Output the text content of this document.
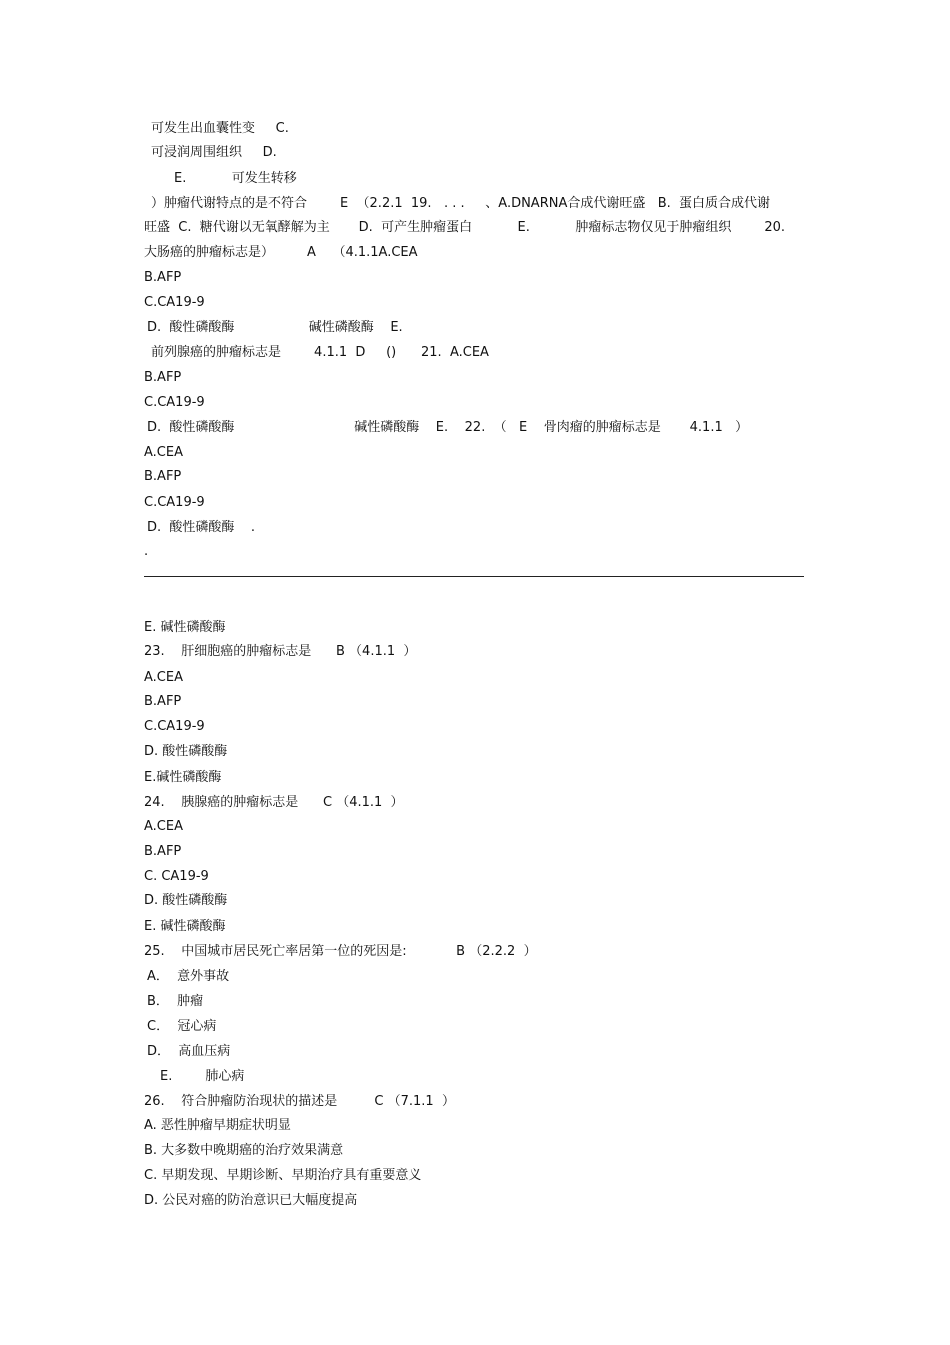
可发生出血囊性变     C.
可浸润周围组织     D.
E.           可发生转移
）肿瘤代谢特点的是不符合        E  （2.2.1  19.   . . .     、A.DNARNA合成代谢旺盛   B.  蛋白质合成代谢
旺盛  C.  糖代谢以无氧酵解为主       D.  可产生肿瘤蛋白           E.           肿瘤标志物仅见于肿瘤组织        20.
大肠癌的肿瘤标志是）        A    （4.1.1A.CEA
B.AFP
C.CA19-9
D.  酸性磷酸酶                  碱性磷酸酶    E.
前列腺癌的肿瘤标志是        4.1.1  D     ()      21.  A.CEA
B.AFP
C.CA19-9
D.  酸性磷酸酶                             碱性磷酸酶    E.    22.  （   E    骨肉瘤的肿瘤标志是       4.1.1   ）
A.CEA
B.AFP
C.CA19-9
D.  酸性磷酸酶    .
.
E. 碱性磷酸酶
23.    肝细胞癌的肿瘤标志是      B （4.1.1  ）
A.CEA
B.AFP
C.CA19-9
D. 酸性磷酸酶
E.碱性磷酸酶
24.    胰腺癌的肿瘤标志是      C （4.1.1  ）
A.CEA
B.AFP
C. CA19-9
D. 酸性磷酸酶
E. 碱性磷酸酶
25.    中国城市居民死亡率居第一位的死因是:            B （2.2.2  ）
A．  意外事故
B．  肿瘤
C．  冠心病
D．  高血压病
E.        肺心病
26.    符合肿瘤防治现状的描述是         C （7.1.1  ）
A. 恶性肿瘤早期症状明显
B. 大多数中晚期癌的治疗效果满意
C. 早期发现、早期诊断、早期治疗具有重要意义
D. 公民对癌的防治意识已大幅度提高
